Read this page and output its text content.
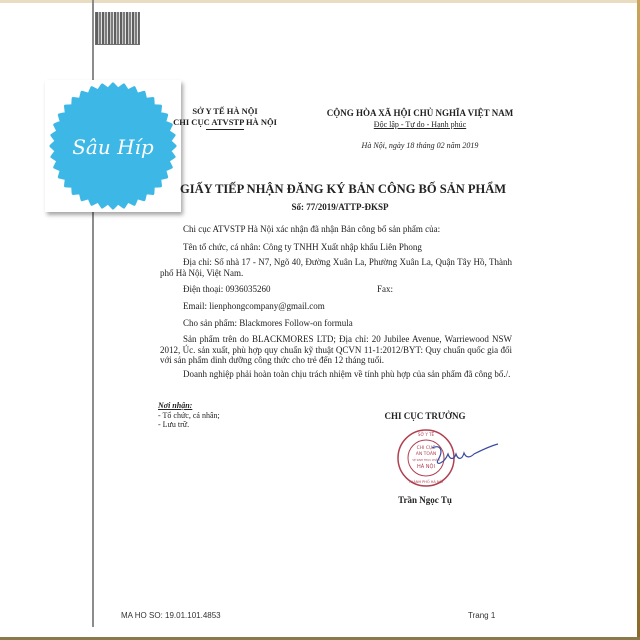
Sâu Híp
SỞ Y TẾ HÀ NỘI
CHI CỤC ATVSTP HÀ NỘI
CỘNG HÒA XÃ HỘI CHỦ NGHĨA VIỆT NAM
Độc lập - Tự do - Hạnh phúc
Hà Nội, ngày 18 tháng 02 năm 2019
GIẤY TIẾP NHẬN ĐĂNG KÝ BẢN CÔNG BỐ SẢN PHẨM
Số: 77/2019/ATTP-ĐKSP
Chi cục ATVSTP Hà Nội xác nhận đã nhận Bản công bố sản phẩm của:
Tên tổ chức, cá nhân: Công ty TNHH Xuất nhập khẩu Liên Phong
Địa chỉ: Số nhà 17 - N7, Ngõ 40, Đường Xuân La, Phường Xuân La, Quận Tây Hồ, Thành phố Hà Nội, Việt Nam.
Điện thoại: 0936035260	Fax:
Email: lienphongcompany@gmail.com
Cho sản phẩm: Blackmores Follow-on formula
Sản phẩm trên do BLACKMORES LTD; Địa chỉ: 20 Jubilee Avenue, Warriewood NSW 2012, Úc. sản xuất, phù hợp quy chuẩn kỹ thuật QCVN 11-1:2012/BYT: Quy chuẩn quốc gia đối với sản phẩm dinh dưỡng công thức cho trẻ đến 12 tháng tuổi.
Doanh nghiệp phải hoàn toàn chịu trách nhiệm về tính phù hợp của sản phẩm đã công bố./.
Nơi nhận:
- Tổ chức, cá nhân;
- Lưu trữ.
CHI CỤC TRƯỞNG
SỞ Y TẾ
CHI CỤC
AN TOÀN
VỆ SINH THỰC PHẨM
HÀ NỘI
THÀNH PHỐ HÀ NỘI
Trần Ngọc Tụ
MA HO SO: 19.01.101.4853	Trang 1
